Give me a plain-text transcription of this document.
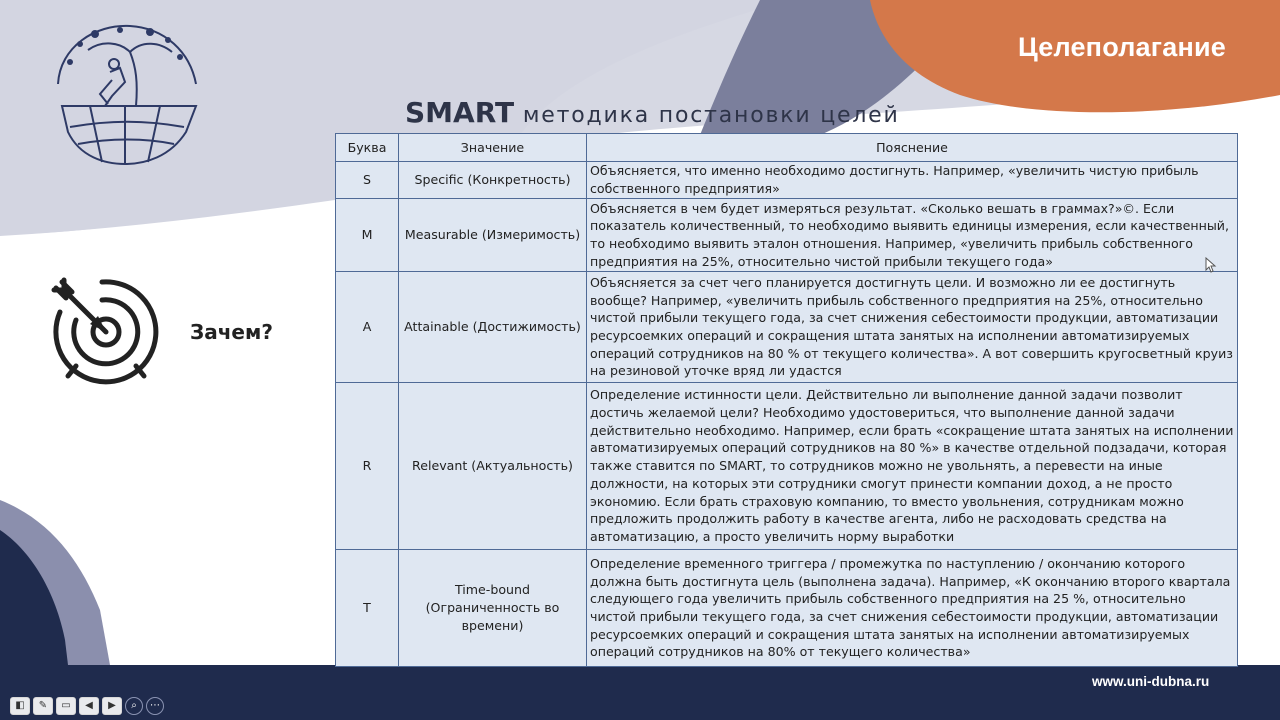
Целеполагание
SMART методика постановки целей
Зачем?
Буква	Значение	Пояснение
S	Specific (Конкретность)	Объясняется, что именно необходимо достигнуть. Например, «увеличить чистую прибыль собственного предприятия»
M	Measurable (Измеримость)	Объясняется в чем будет измеряться результат. «Сколько вешать в граммах?»©. Если показатель количественный, то необходимо выявить единицы измерения, если качественный, то необходимо выявить эталон отношения. Например, «увеличить прибыль собственного предприятия на 25%, относительно чистой прибыли текущего года»
A	Attainable (Достижимость)	Объясняется за счет чего планируется достигнуть цели. И возможно ли ее достигнуть вообще? Например, «увеличить прибыль собственного предприятия на 25%, относительно чистой прибыли текущего года, за счет снижения себестоимости продукции, автоматизации ресурсоемких операций и сокращения штата занятых на исполнении автоматизируемых операций сотрудников на 80 % от текущего количества». А вот совершить кругосветный круиз на резиновой уточке вряд ли удастся
R	Relevant (Актуальность)	Определение истинности цели. Действительно ли выполнение данной задачи позволит достичь желаемой цели? Необходимо удостовериться, что выполнение данной задачи действительно необходимо. Например, если брать «сокращение штата занятых на исполнении автоматизируемых операций сотрудников на 80 %» в качестве отдельной подзадачи, которая также ставится по SMART, то сотрудников можно не увольнять, а перевести на иные должности, на которых эти сотрудники смогут принести компании доход, а не просто экономию. Если брать страховую компанию, то вместо увольнения, сотрудникам можно предложить продолжить работу в качестве агента, либо не расходовать средства на автоматизацию, а просто увеличить норму выработки
T	Time-bound (Ограниченность во времени)	Определение временного триггера / промежутка по наступлению / окончанию которого должна быть достигнута цель (выполнена задача). Например, «К окончанию второго квартала следующего года увеличить прибыль собственного предприятия на 25 %, относительно чистой прибыли текущего года, за счет снижения себестоимости продукции, автоматизации ресурсоемких операций и сокращения штата занятых на исполнении автоматизируемых операций сотрудников на 80% от текущего количества»
www.uni-dubna.ru
◧	✎	▭	◀	▶	⌕	⋯
